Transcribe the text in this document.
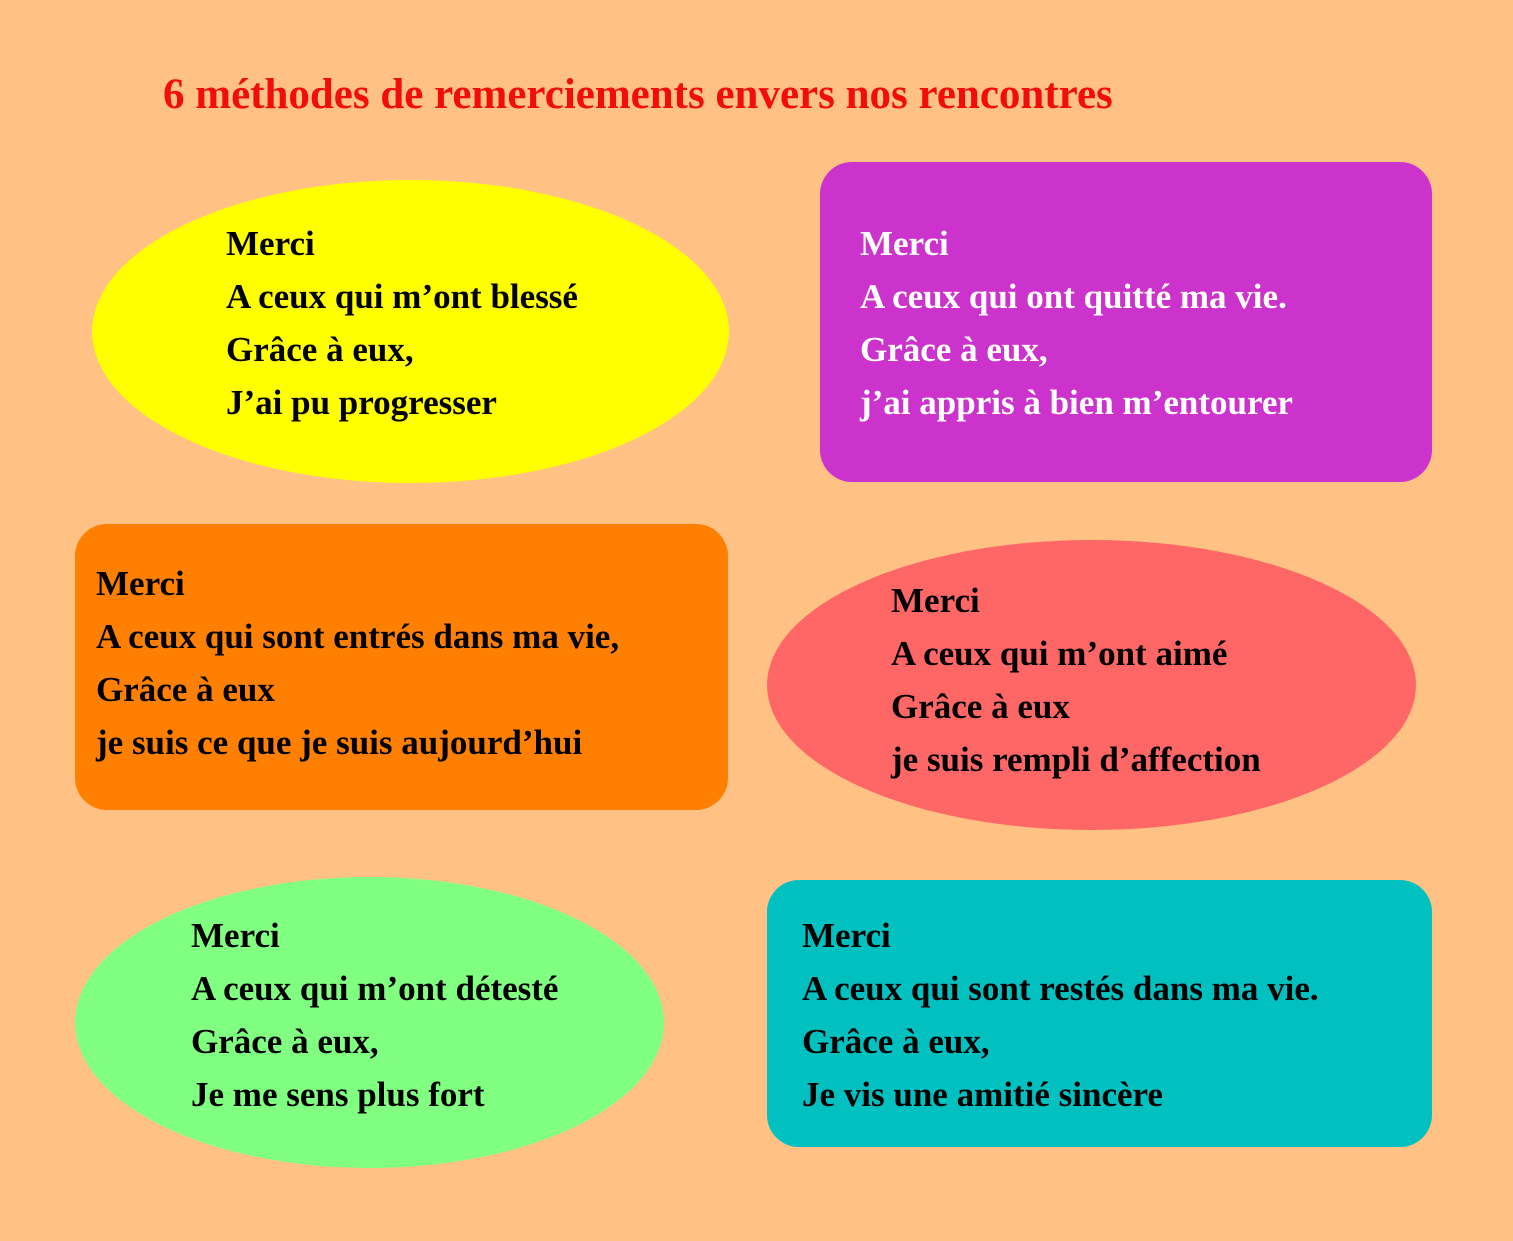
6 méthodes de remerciements envers nos rencontres
Merci
A ceux qui m’ont blessé
Grâce à eux,
J’ai pu progresser
Merci
A ceux qui ont quitté ma vie.
Grâce à eux,
j’ai appris à bien m’entourer
Merci
A ceux qui sont entrés dans ma vie,
Grâce à eux
je suis ce que je suis aujourd’hui
Merci
A ceux qui m’ont aimé
Grâce à eux
je suis rempli d’affection
Merci
A ceux qui m’ont détesté
Grâce à eux,
Je me sens plus fort
Merci
A ceux qui sont restés dans ma vie.
Grâce à eux,
Je vis une amitié sincère
